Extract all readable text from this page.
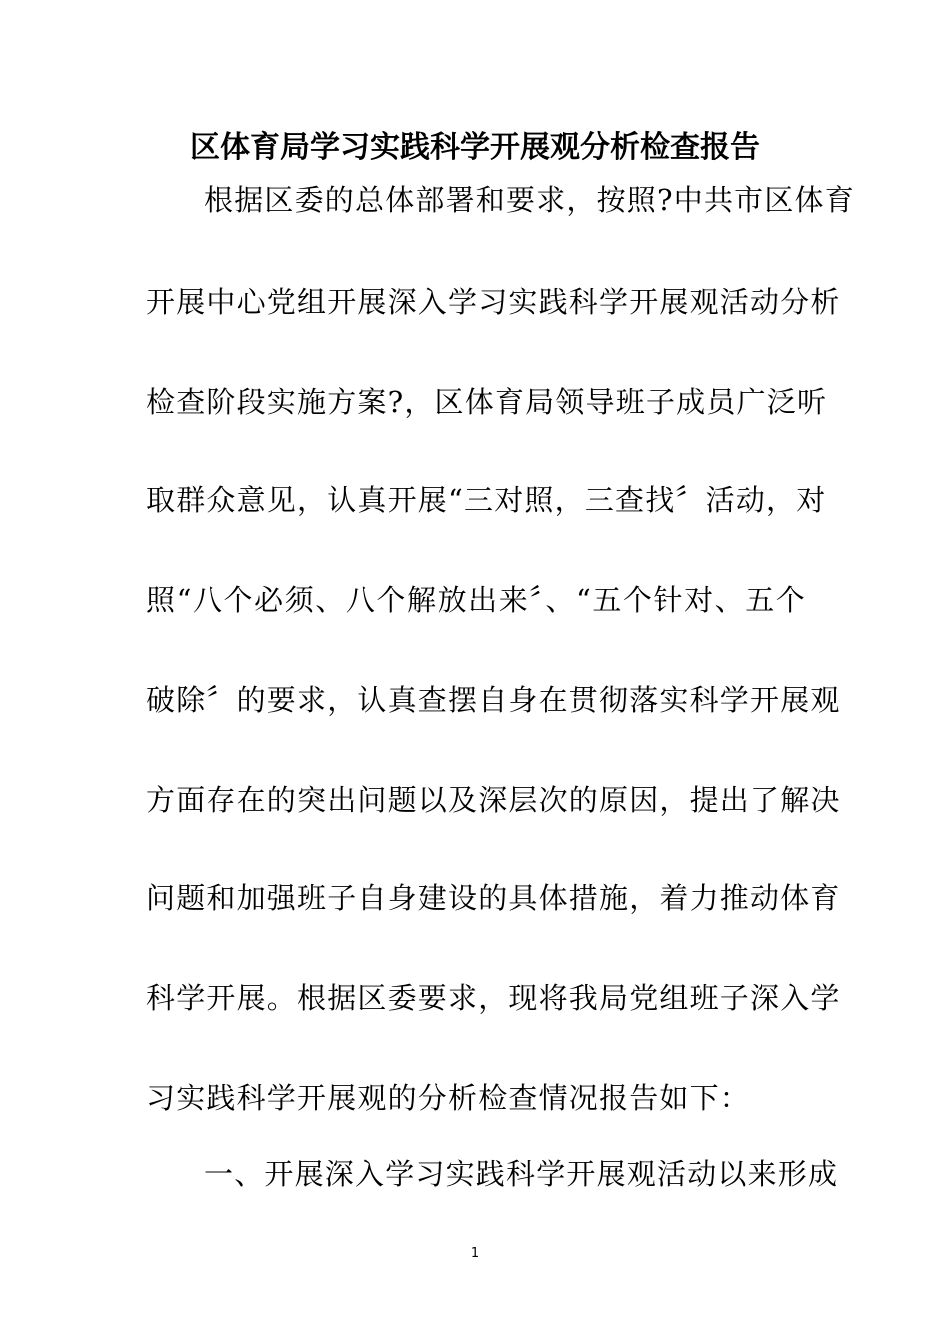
区体育局学习实践科学开展观分析检查报告
根据区委的总体部署和要求，按照?中共市区体育
开展中心党组开展深入学习实践科学开展观活动分析
检查阶段实施方案?，区体育局领导班子成员广泛听
取群众意见，认真开展“三对照，三查找〞活动，对
照“八个必须、八个解放出来〞、“五个针对、五个
破除〞的要求，认真查摆自身在贯彻落实科学开展观
方面存在的突出问题以及深层次的原因，提出了解决
问题和加强班子自身建设的具体措施，着力推动体育
科学开展。根据区委要求，现将我局党组班子深入学
习实践科学开展观的分析检查情况报告如下：
一、开展深入学习实践科学开展观活动以来形成
1
